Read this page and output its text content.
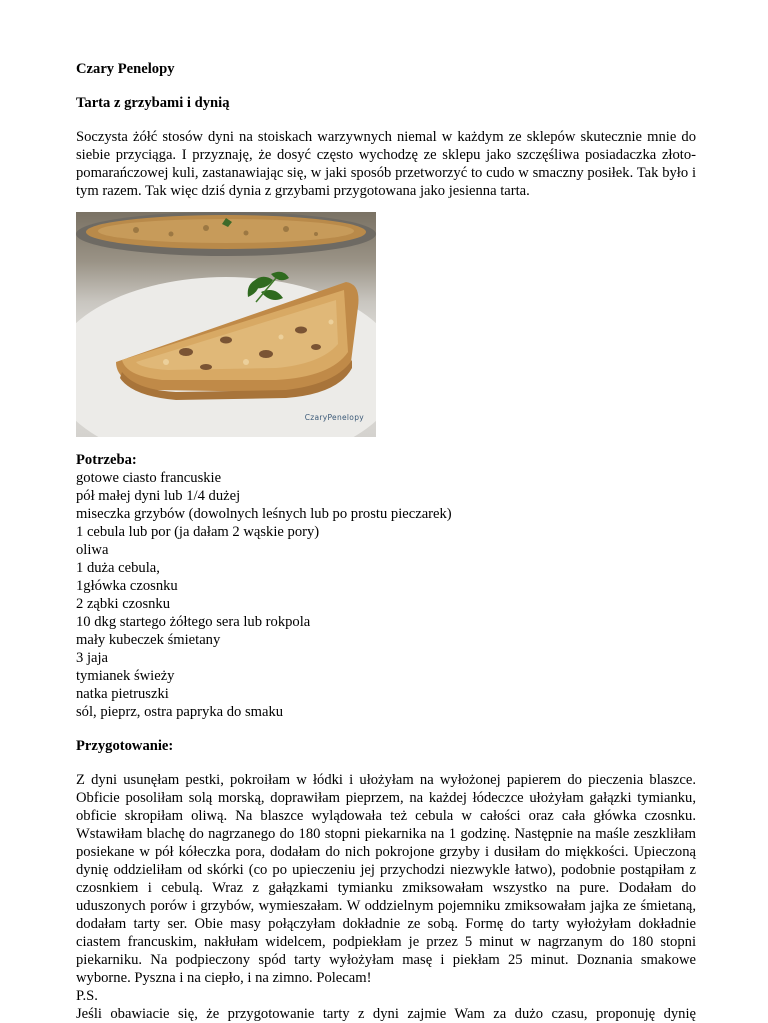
Czary Penelopy

Tarta z grzybami i dynią

Soczysta żółć stosów dyni na stoiskach warzywnych niemal w każdym ze sklepów skutecznie mnie do siebie przyciąga. I przyznaję, że dosyć często wychodzę ze sklepu jako szczęśliwa posiadaczka złoto-pomarańczowej kuli, zastanawiając się, w jaki sposób przetworzyć to cudo w smaczny posiłek. Tak było i tym razem. Tak więc dziś dynia z grzybami przygotowana jako jesienna tarta.

CzaryPenelopy

Potrzeba:

gotowe ciasto francuskie
pół małej dyni lub 1/4 dużej
miseczka grzybów (dowolnych leśnych lub po prostu pieczarek)
1 cebula lub por (ja dałam 2 wąskie pory)
oliwa
1 duża cebula,
1główka czosnku
2 ząbki czosnku
10 dkg startego żółtego sera lub rokpola
mały kubeczek śmietany
3 jaja
tymianek świeży
natka pietruszki
sól, pieprz, ostra papryka do smaku

Przygotowanie:

Z dyni usunęłam pestki, pokroiłam w łódki i ułożyłam na wyłożonej papierem do pieczenia blaszce. Obficie posoliłam solą morską, doprawiłam pieprzem, na każdej łódeczce ułożyłam gałązki tymianku, obficie skropiłam oliwą. Na blaszce wylądowała też cebula w całości oraz cała główka czosnku. Wstawiłam blachę do nagrzanego do 180 stopni piekarnika na 1 godzinę. Następnie na maśle zeszkliłam posiekane w pół kółeczka pora, dodałam do nich pokrojone grzyby i dusiłam do miękkości. Upieczoną dynię oddzieliłam od skórki (co po upieczeniu jej przychodzi niezwykle łatwo), podobnie postąpiłam z czosnkiem i cebulą. Wraz z gałązkami tymianku zmiksowałam wszystko na pure. Dodałam do uduszonych porów i grzybów, wymieszałam. W oddzielnym pojemniku zmiksowałam jajka ze śmietaną, dodałam tarty ser. Obie masy połączyłam dokładnie ze sobą. Formę do tarty wyłożyłam dokładnie ciastem francuskim, nakłułam widelcem, podpiekłam je przez 5 minut w nagrzanym do 180 stopni piekarniku. Na podpieczony spód tarty wyłożyłam masę i piekłam 25 minut. Doznania smakowe wyborne. Pyszna i na ciepło, i na zimno. Polecam!

P.S.

Jeśli obawiacie się, że przygotowanie tarty z dyni zajmie Wam za dużo czasu, proponuję dynię
